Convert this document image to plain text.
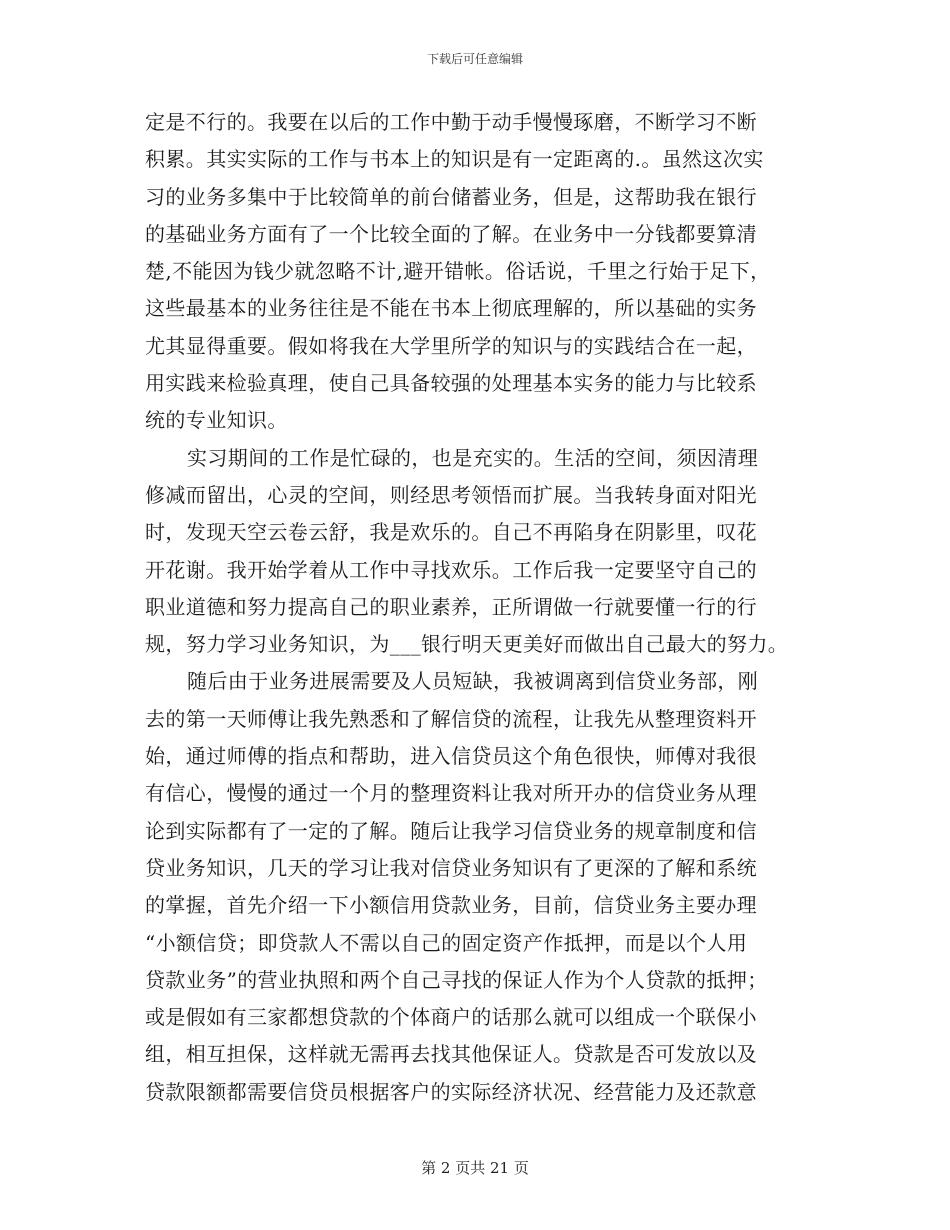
下载后可任意编辑
定是不行的。我要在以后的工作中勤于动手慢慢琢磨，不断学习不断
积累。其实实际的工作与书本上的知识是有一定距离的.。虽然这次实
习的业务多集中于比较简单的前台储蓄业务，但是，这帮助我在银行
的基础业务方面有了一个比较全面的了解。在业务中一分钱都要算清
楚,不能因为钱少就忽略不计,避开错帐。俗话说，千里之行始于足下，
这些最基本的业务往往是不能在书本上彻底理解的，所以基础的实务
尤其显得重要。假如将我在大学里所学的知识与的实践结合在一起，
用实践来检验真理，使自己具备较强的处理基本实务的能力与比较系
统的专业知识。
实习期间的工作是忙碌的，也是充实的。生活的空间，须因清理
修减而留出，心灵的空间，则经思考领悟而扩展。当我转身面对阳光
时，发现天空云卷云舒，我是欢乐的。自己不再陷身在阴影里，叹花
开花谢。我开始学着从工作中寻找欢乐。工作后我一定要坚守自己的
职业道德和努力提高自己的职业素养，正所谓做一行就要懂一行的行
规，努力学习业务知识，为___银行明天更美好而做出自己最大的努力。
随后由于业务进展需要及人员短缺，我被调离到信贷业务部，刚
去的第一天师傅让我先熟悉和了解信贷的流程，让我先从整理资料开
始，通过师傅的指点和帮助，进入信贷员这个角色很快，师傅对我很
有信心，慢慢的通过一个月的整理资料让我对所开办的信贷业务从理
论到实际都有了一定的了解。随后让我学习信贷业务的规章制度和信
贷业务知识，几天的学习让我对信贷业务知识有了更深的了解和系统
的掌握，首先介绍一下小额信用贷款业务，目前，信贷业务主要办理
“小额信贷；即贷款人不需以自己的固定资产作抵押，而是以个人用
贷款业务”的营业执照和两个自己寻找的保证人作为个人贷款的抵押；
或是假如有三家都想贷款的个体商户的话那么就可以组成一个联保小
组，相互担保，这样就无需再去找其他保证人。贷款是否可发放以及
贷款限额都需要信贷员根据客户的实际经济状况、经营能力及还款意
第 2 页共 21 页
